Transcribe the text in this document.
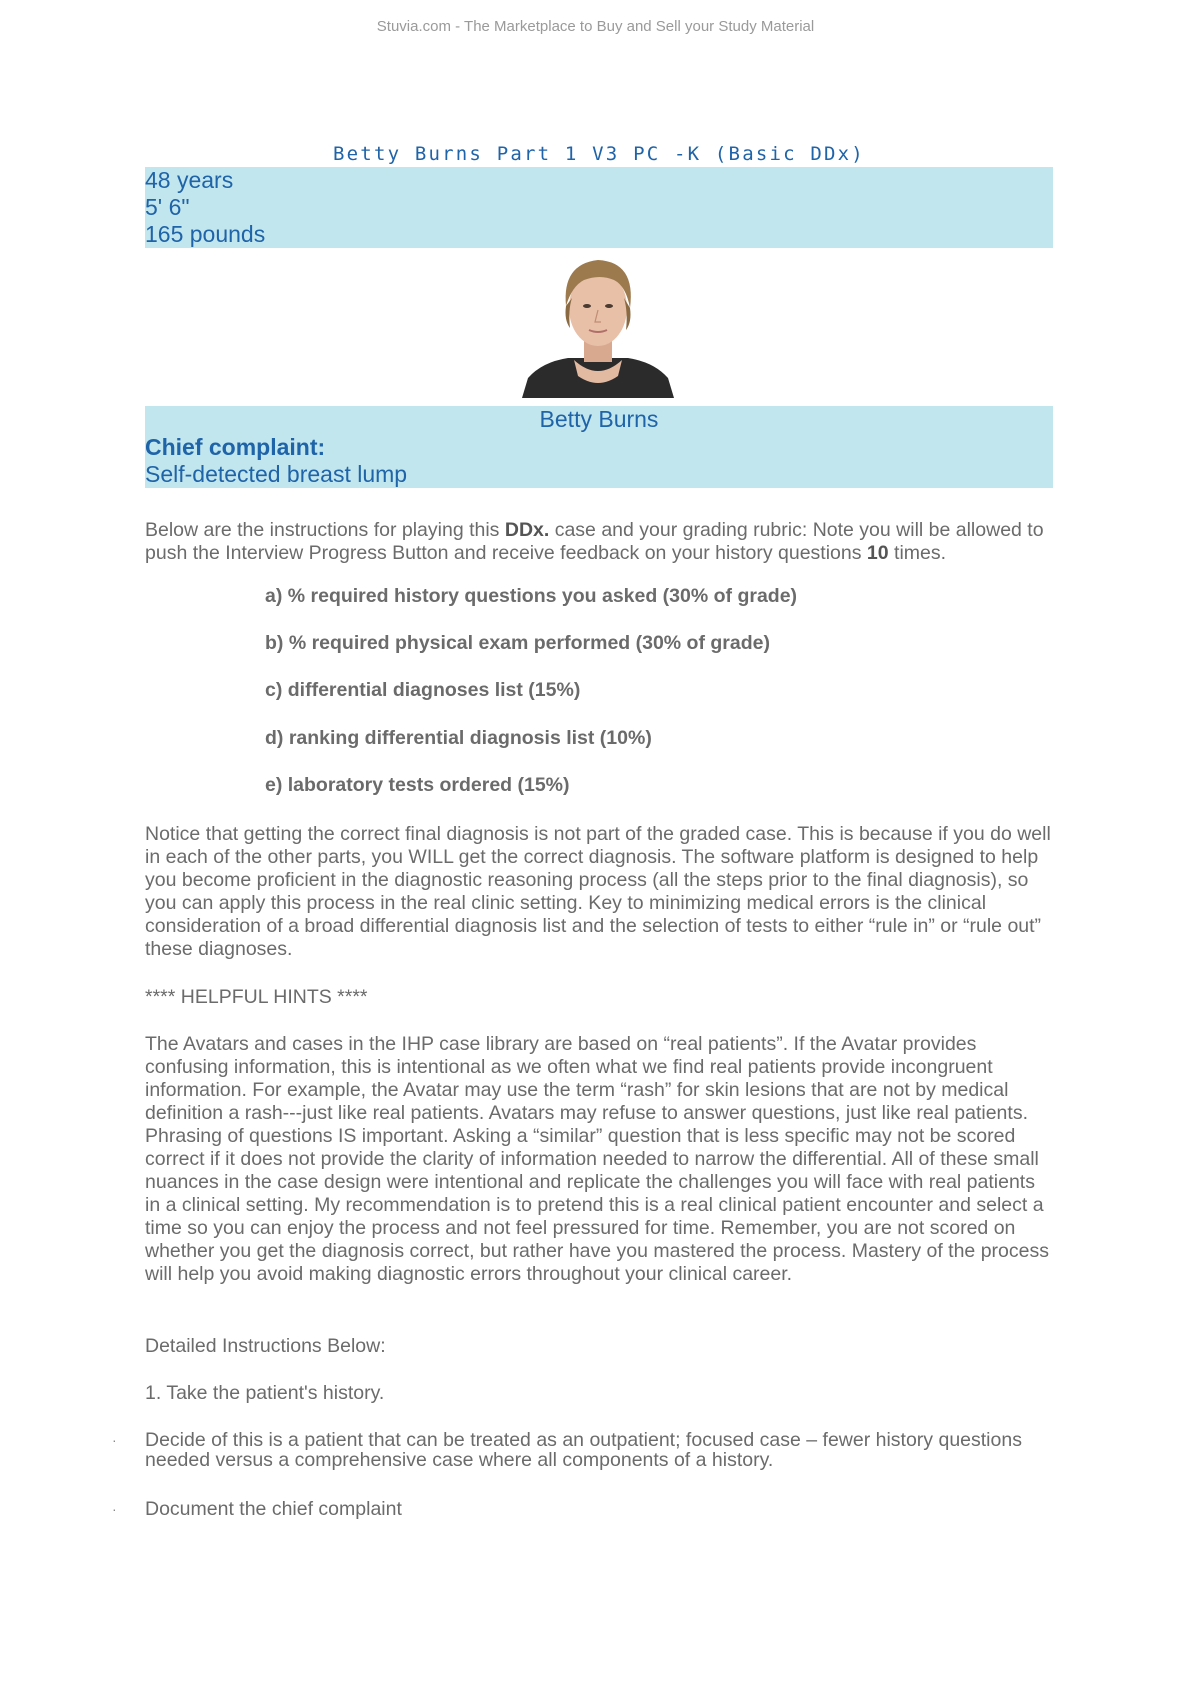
Stuvia.com - The Marketplace to Buy and Sell your Study Material
Betty Burns Part 1 V3 PC -K (Basic DDx)
48 years
5' 6"
165 pounds
Betty Burns
Chief complaint:
Self-detected breast lump
Below are the instructions for playing this DDx. case and your grading rubric: Note you will be allowed to push the Interview Progress Button and receive feedback on your history questions 10 times.
a) % required history questions you asked (30% of grade)
b) % required physical exam performed (30% of grade)
c) differential diagnoses list (15%)
d) ranking differential diagnosis list (10%)
e) laboratory tests ordered (15%)
Notice that getting the correct final diagnosis is not part of the graded case. This is because if you do well in each of the other parts, you WILL get the correct diagnosis. The software platform is designed to help you become proficient in the diagnostic reasoning process (all the steps prior to the final diagnosis), so you can apply this process in the real clinic setting. Key to minimizing medical errors is the clinical consideration of a broad differential diagnosis list and the selection of tests to either “rule in” or “rule out” these diagnoses.
**** HELPFUL HINTS ****
The Avatars and cases in the IHP case library are based on “real patients”. If the Avatar provides confusing information, this is intentional as we often what we find real patients provide incongruent information. For example, the Avatar may use the term “rash” for skin lesions that are not by medical definition a rash---just like real patients. Avatars may refuse to answer questions, just like real patients. Phrasing of questions IS important. Asking a “similar” question that is less specific may not be scored correct if it does not provide the clarity of information needed to narrow the differential. All of these small nuances in the case design were intentional and replicate the challenges you will face with real patients in a clinical setting. My recommendation is to pretend this is a real clinical patient encounter and select a time so you can enjoy the process and not feel pressured for time. Remember, you are not scored on whether you get the diagnosis correct, but rather have you mastered the process. Mastery of the process will help you avoid making diagnostic errors throughout your clinical career.
Detailed Instructions Below:
1. Take the patient's history.
· Decide of this is a patient that can be treated as an outpatient; focused case – fewer history questions needed versus a comprehensive case where all components of a history.
· Document the chief complaint
